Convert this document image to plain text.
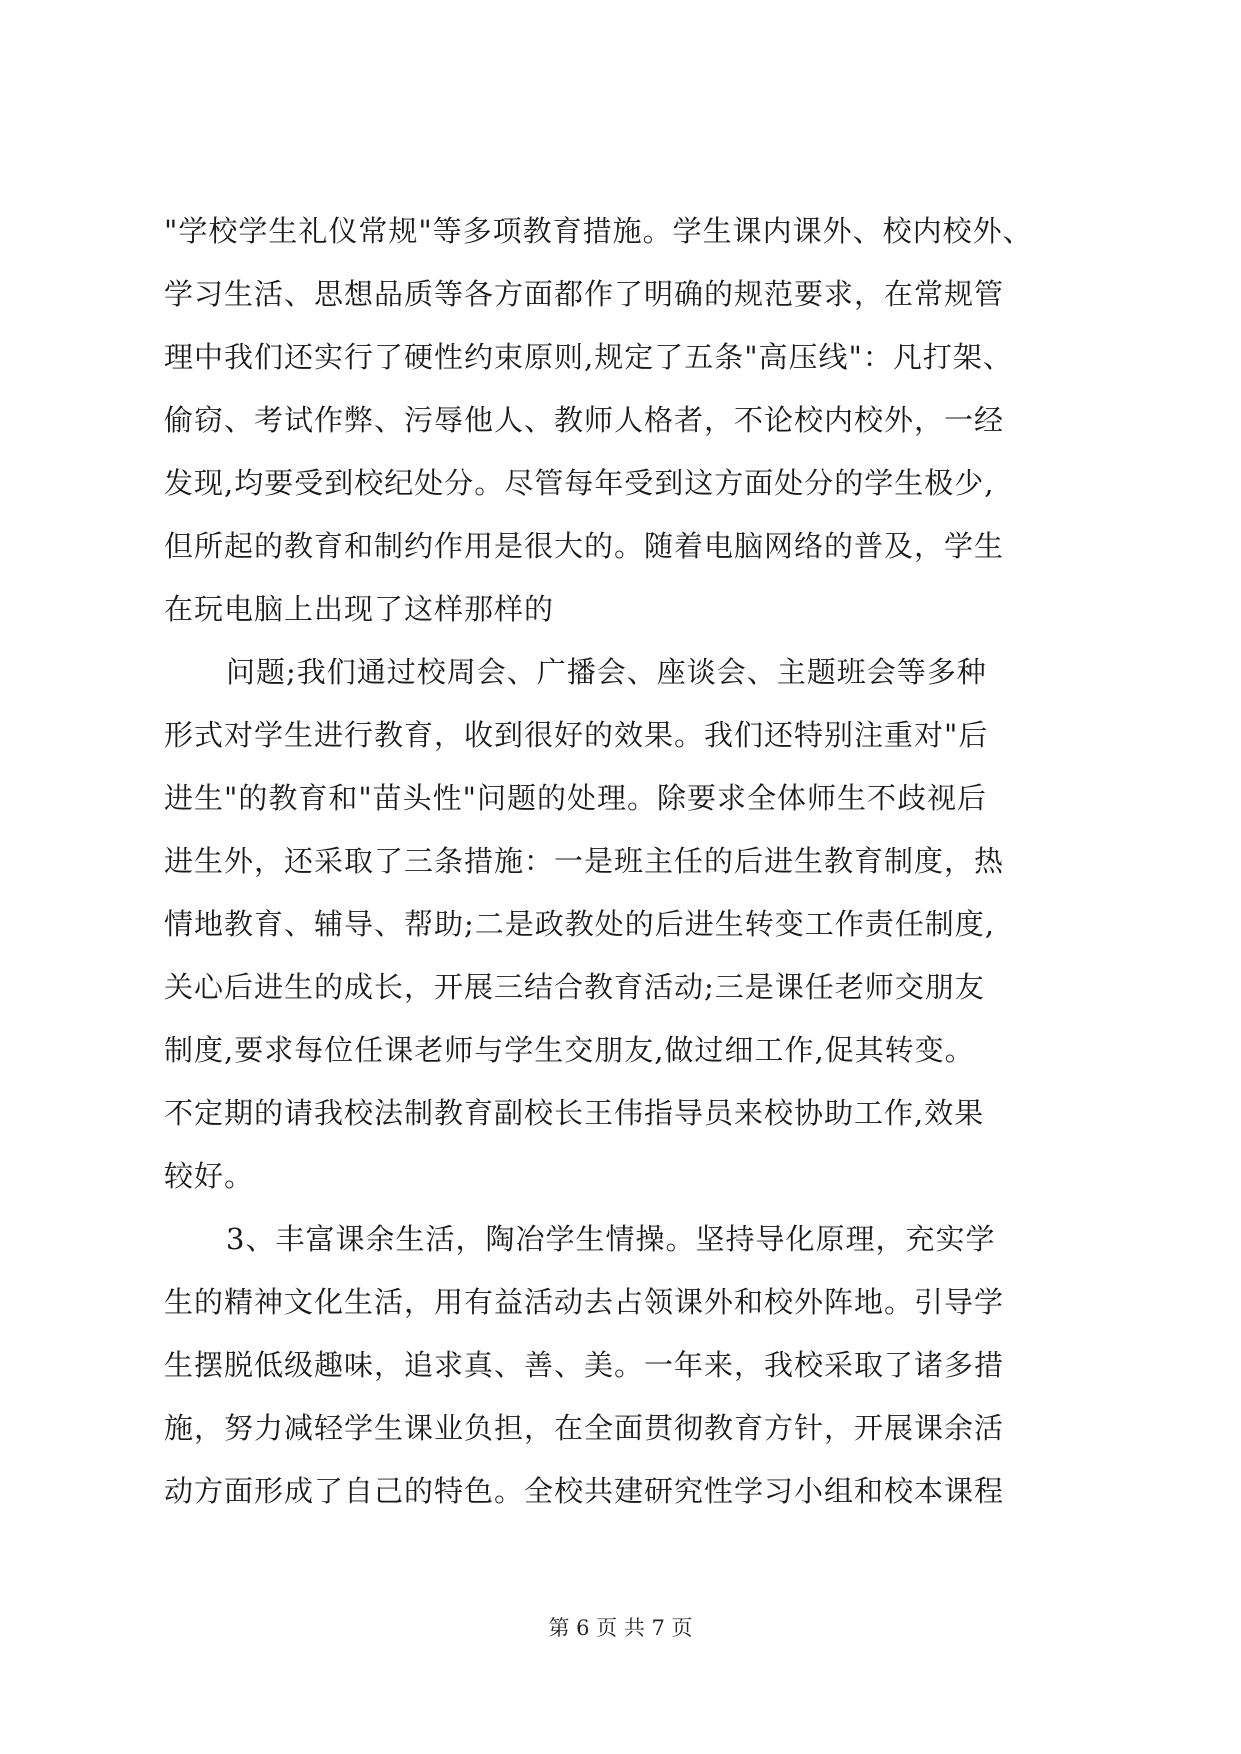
"学校学生礼仪常规"等多项教育措施。学生课内课外、校内校外、
学习生活、思想品质等各方面都作了明确的规范要求，在常规管
理中我们还实行了硬性约束原则,规定了五条"高压线"：凡打架、
偷窃、考试作弊、污辱他人、教师人格者，不论校内校外，一经
发现,均要受到校纪处分。尽管每年受到这方面处分的学生极少,
但所起的教育和制约作用是很大的。随着电脑网络的普及，学生
在玩电脑上出现了这样那样的
问题;我们通过校周会、广播会、座谈会、主题班会等多种
形式对学生进行教育，收到很好的效果。我们还特别注重对"后
进生"的教育和"苗头性"问题的处理。除要求全体师生不歧视后
进生外，还采取了三条措施：一是班主任的后进生教育制度，热
情地教育、辅导、帮助;二是政教处的后进生转变工作责任制度,
关心后进生的成长，开展三结合教育活动;三是课任老师交朋友
制度,要求每位任课老师与学生交朋友,做过细工作,促其转变。
不定期的请我校法制教育副校长王伟指导员来校协助工作,效果
较好。
3、丰富课余生活，陶冶学生情操。坚持导化原理，充实学
生的精神文化生活，用有益活动去占领课外和校外阵地。引导学
生摆脱低级趣味，追求真、善、美。一年来，我校采取了诸多措
施，努力减轻学生课业负担，在全面贯彻教育方针，开展课余活
动方面形成了自己的特色。全校共建研究性学习小组和校本课程
第 6 页 共 7 页
